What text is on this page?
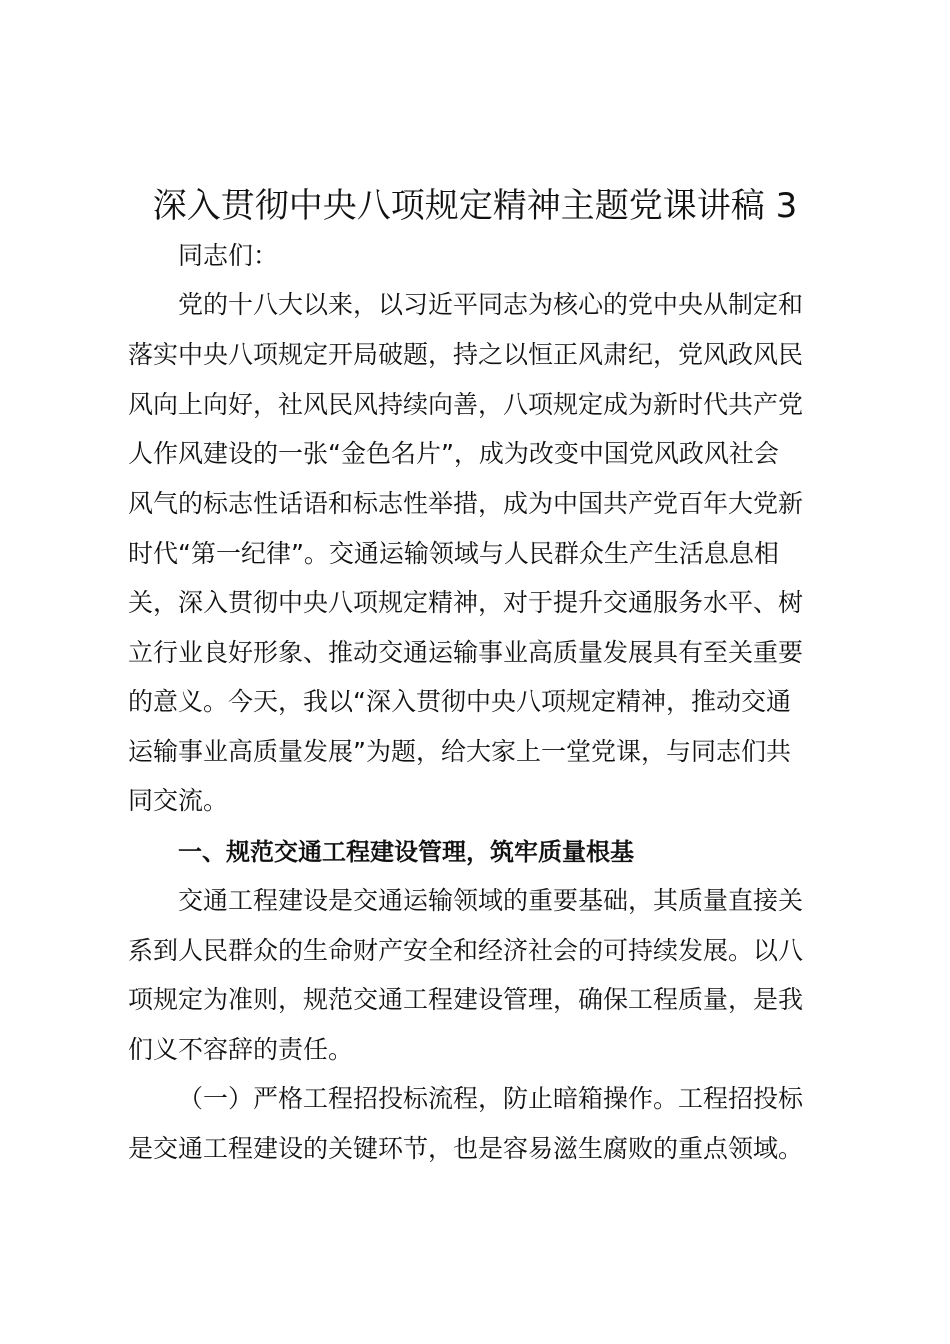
深入贯彻中央八项规定精神主题党课讲稿 3

同志们：

党的十八大以来，以习近平同志为核心的党中央从制定和

落实中央八项规定开局破题，持之以恒正风肃纪，党风政风民

风向上向好，社风民风持续向善，八项规定成为新时代共产党

人作风建设的一张“金色名片”，成为改变中国党风政风社会

风气的标志性话语和标志性举措，成为中国共产党百年大党新

时代“第一纪律”。交通运输领域与人民群众生产生活息息相

关，深入贯彻中央八项规定精神，对于提升交通服务水平、树

立行业良好形象、推动交通运输事业高质量发展具有至关重要

的意义。今天，我以“深入贯彻中央八项规定精神，推动交通

运输事业高质量发展”为题，给大家上一堂党课，与同志们共

同交流。

一、规范交通工程建设管理，筑牢质量根基

交通工程建设是交通运输领域的重要基础，其质量直接关

系到人民群众的生命财产安全和经济社会的可持续发展。以八

项规定为准则，规范交通工程建设管理，确保工程质量，是我

们义不容辞的责任。

（一）严格工程招投标流程，防止暗箱操作。工程招投标

是交通工程建设的关键环节，也是容易滋生腐败的重点领域。
